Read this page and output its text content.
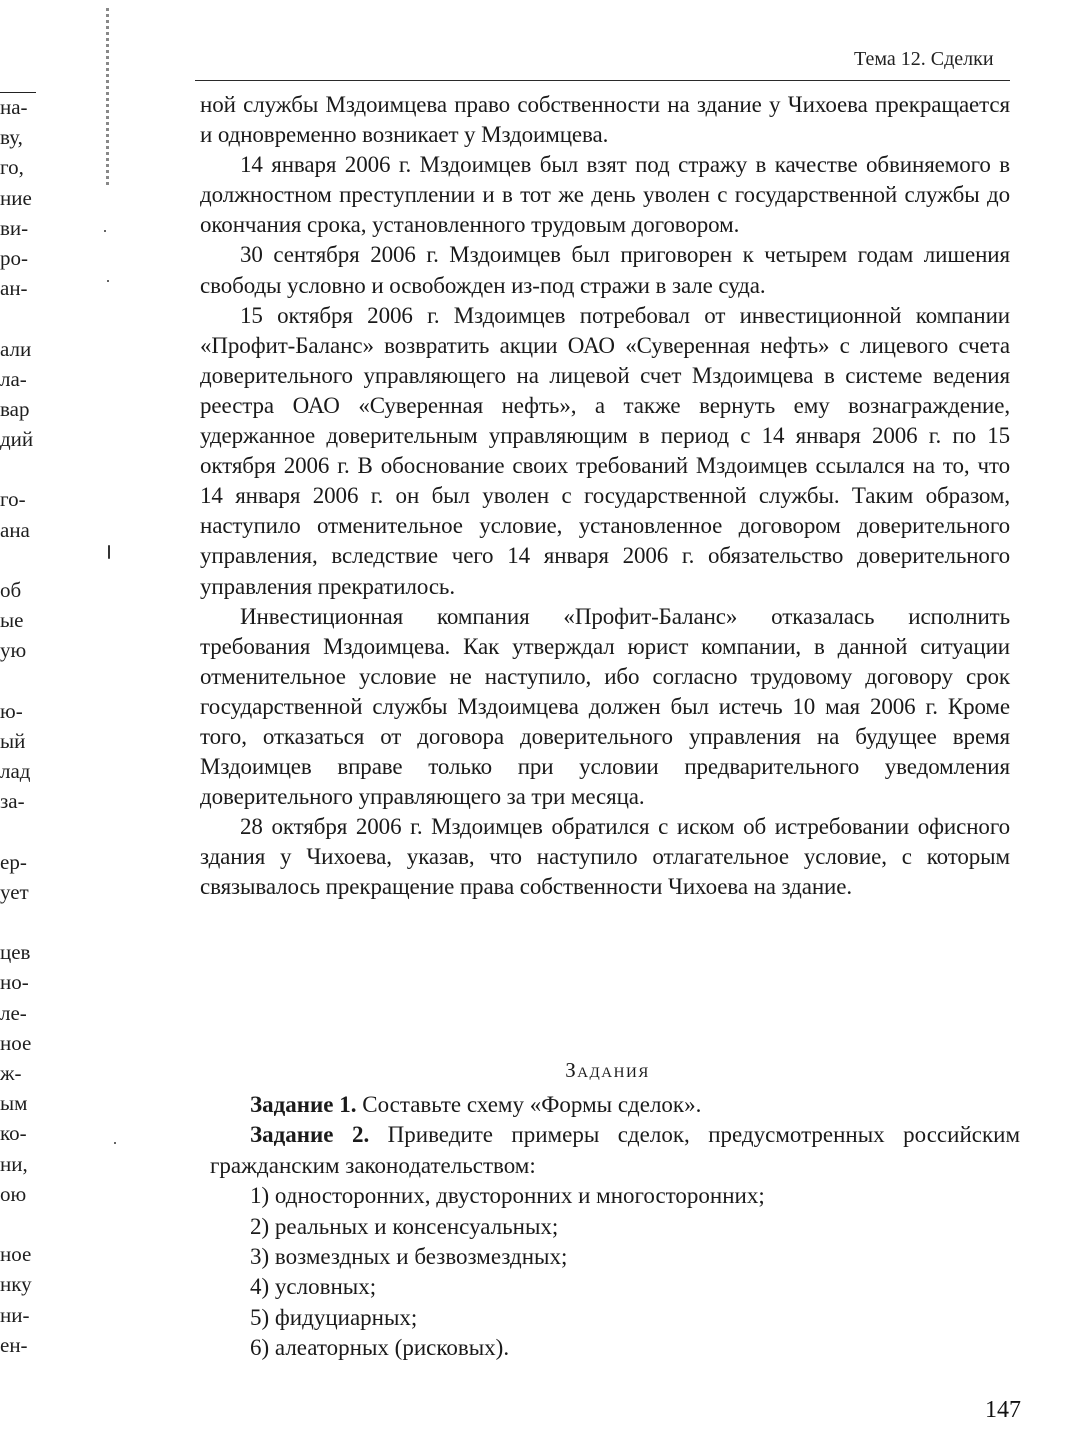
на-
ву,
го,
ние
ви-
ро-
ан-
али
ла-
вар
дий
го-
ана
об
ые
ую
ю-
ый
лад
за-
ер-
ует
цев
но-
ле-
ное
ж-
ым
ко-
ни,
ою
ное
нку
ни-
ен-
Тема 12. Сделки

ной службы Мздоимцева право собственности на здание у Чихоева прекращается и одновременно возникает у Мздоимцева.

14 января 2006 г. Мздоимцев был взят под стражу в качестве обвиняемого в должностном преступлении и в тот же день уволен с государственной службы до окончания срока, установленного трудовым договором.

30 сентября 2006 г. Мздоимцев был приговорен к четырем годам лишения свободы условно и освобожден из-под стражи в зале суда.

15 октября 2006 г. Мздоимцев потребовал от инвестиционной компании «Профит-Баланс» возвратить акции ОАО «Суверенная нефть» с лицевого счета доверительного управляющего на лицевой счет Мздоимцева в системе ведения реестра ОАО «Суверенная нефть», а также вернуть ему вознаграждение, удержанное доверительным управляющим в период с 14 января 2006 г. по 15 октября 2006 г. В обоснование своих требований Мздоимцев ссылался на то, что 14 января 2006 г. он был уволен с государственной службы. Таким образом, наступило отменительное условие, установленное договором доверительного управления, вследствие чего 14 января 2006 г. обязательство доверительного управления прекратилось.

Инвестиционная компания «Профит-Баланс» отказалась исполнить требования Мздоимцева. Как утверждал юрист компании, в данной ситуации отменительное условие не наступило, ибо согласно трудовому договору срок государственной службы Мздоимцева должен был истечь 10 мая 2006 г. Кроме того, отказаться от договора доверительного управления на будущее время Мздоимцев вправе только при условии предварительного уведомления доверительного управляющего за три месяца.

28 октября 2006 г. Мздоимцев обратился с иском об истребовании офисного здания у Чихоева, указав, что наступило отлагательное условие, с которым связывалось прекращение права собственности Чихоева на здание.

Задания

Задание 1. Составьте схему «Формы сделок».

Задание 2. Приведите примеры сделок, предусмотренных российским гражданским законодательством:

1) односторонних, двусторонних и многосторонних;
2) реальных и консенсуальных;
3) возмездных и безвозмездных;
4) условных;
5) фидуциарных;
6) алеаторных (рисковых).
147
